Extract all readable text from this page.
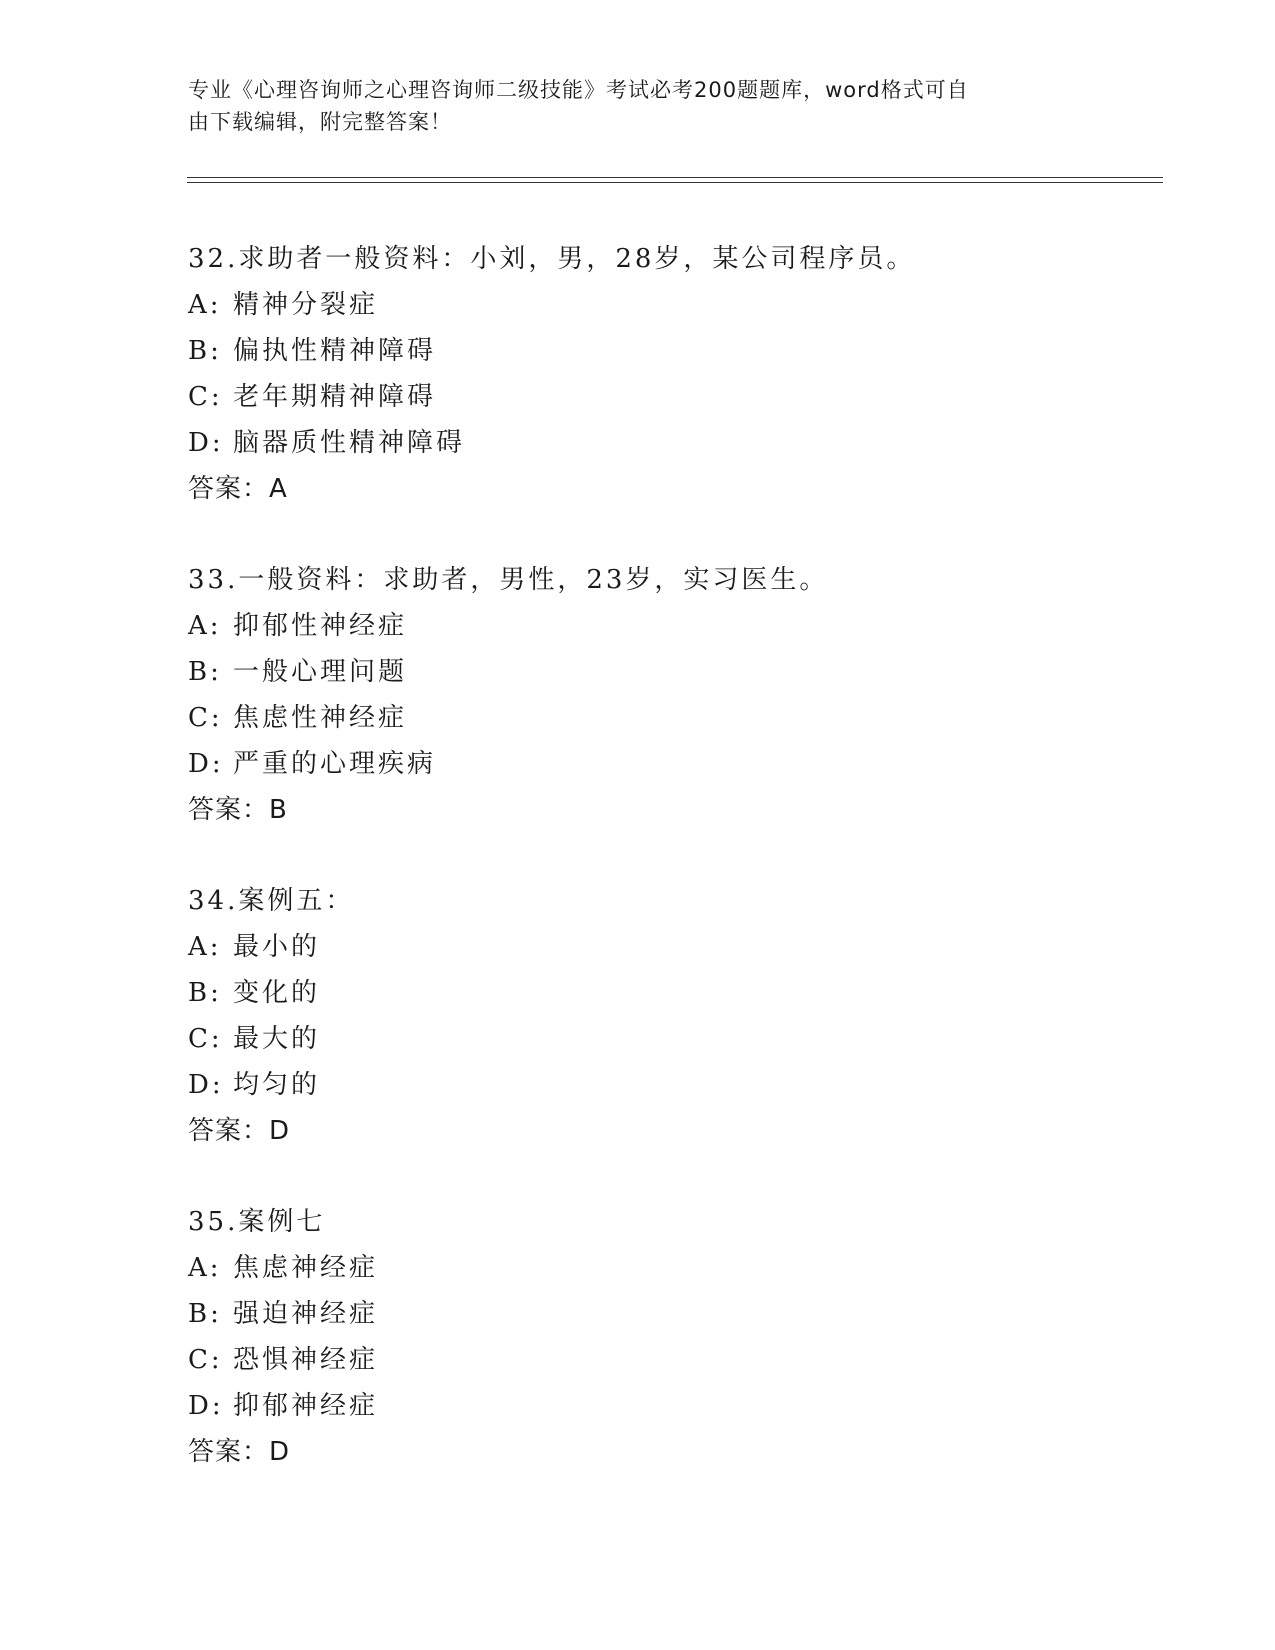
专业《心理咨询师之心理咨询师二级技能》考试必考200题题库，word格式可自

由下载编辑，附完整答案！

32.求助者一般资料：小刘，男，28岁，某公司程序员。
A: 精神分裂症
B: 偏执性精神障碍
C: 老年期精神障碍
D: 脑器质性精神障碍
答案：A
33.一般资料：求助者，男性，23岁，实习医生。
A: 抑郁性神经症
B: 一般心理问题
C: 焦虑性神经症
D: 严重的心理疾病
答案：B
34.案例五：
A: 最小的
B: 变化的
C: 最大的
D: 均匀的
答案：D
35.案例七
A: 焦虑神经症
B: 强迫神经症
C: 恐惧神经症
D: 抑郁神经症
答案：D
